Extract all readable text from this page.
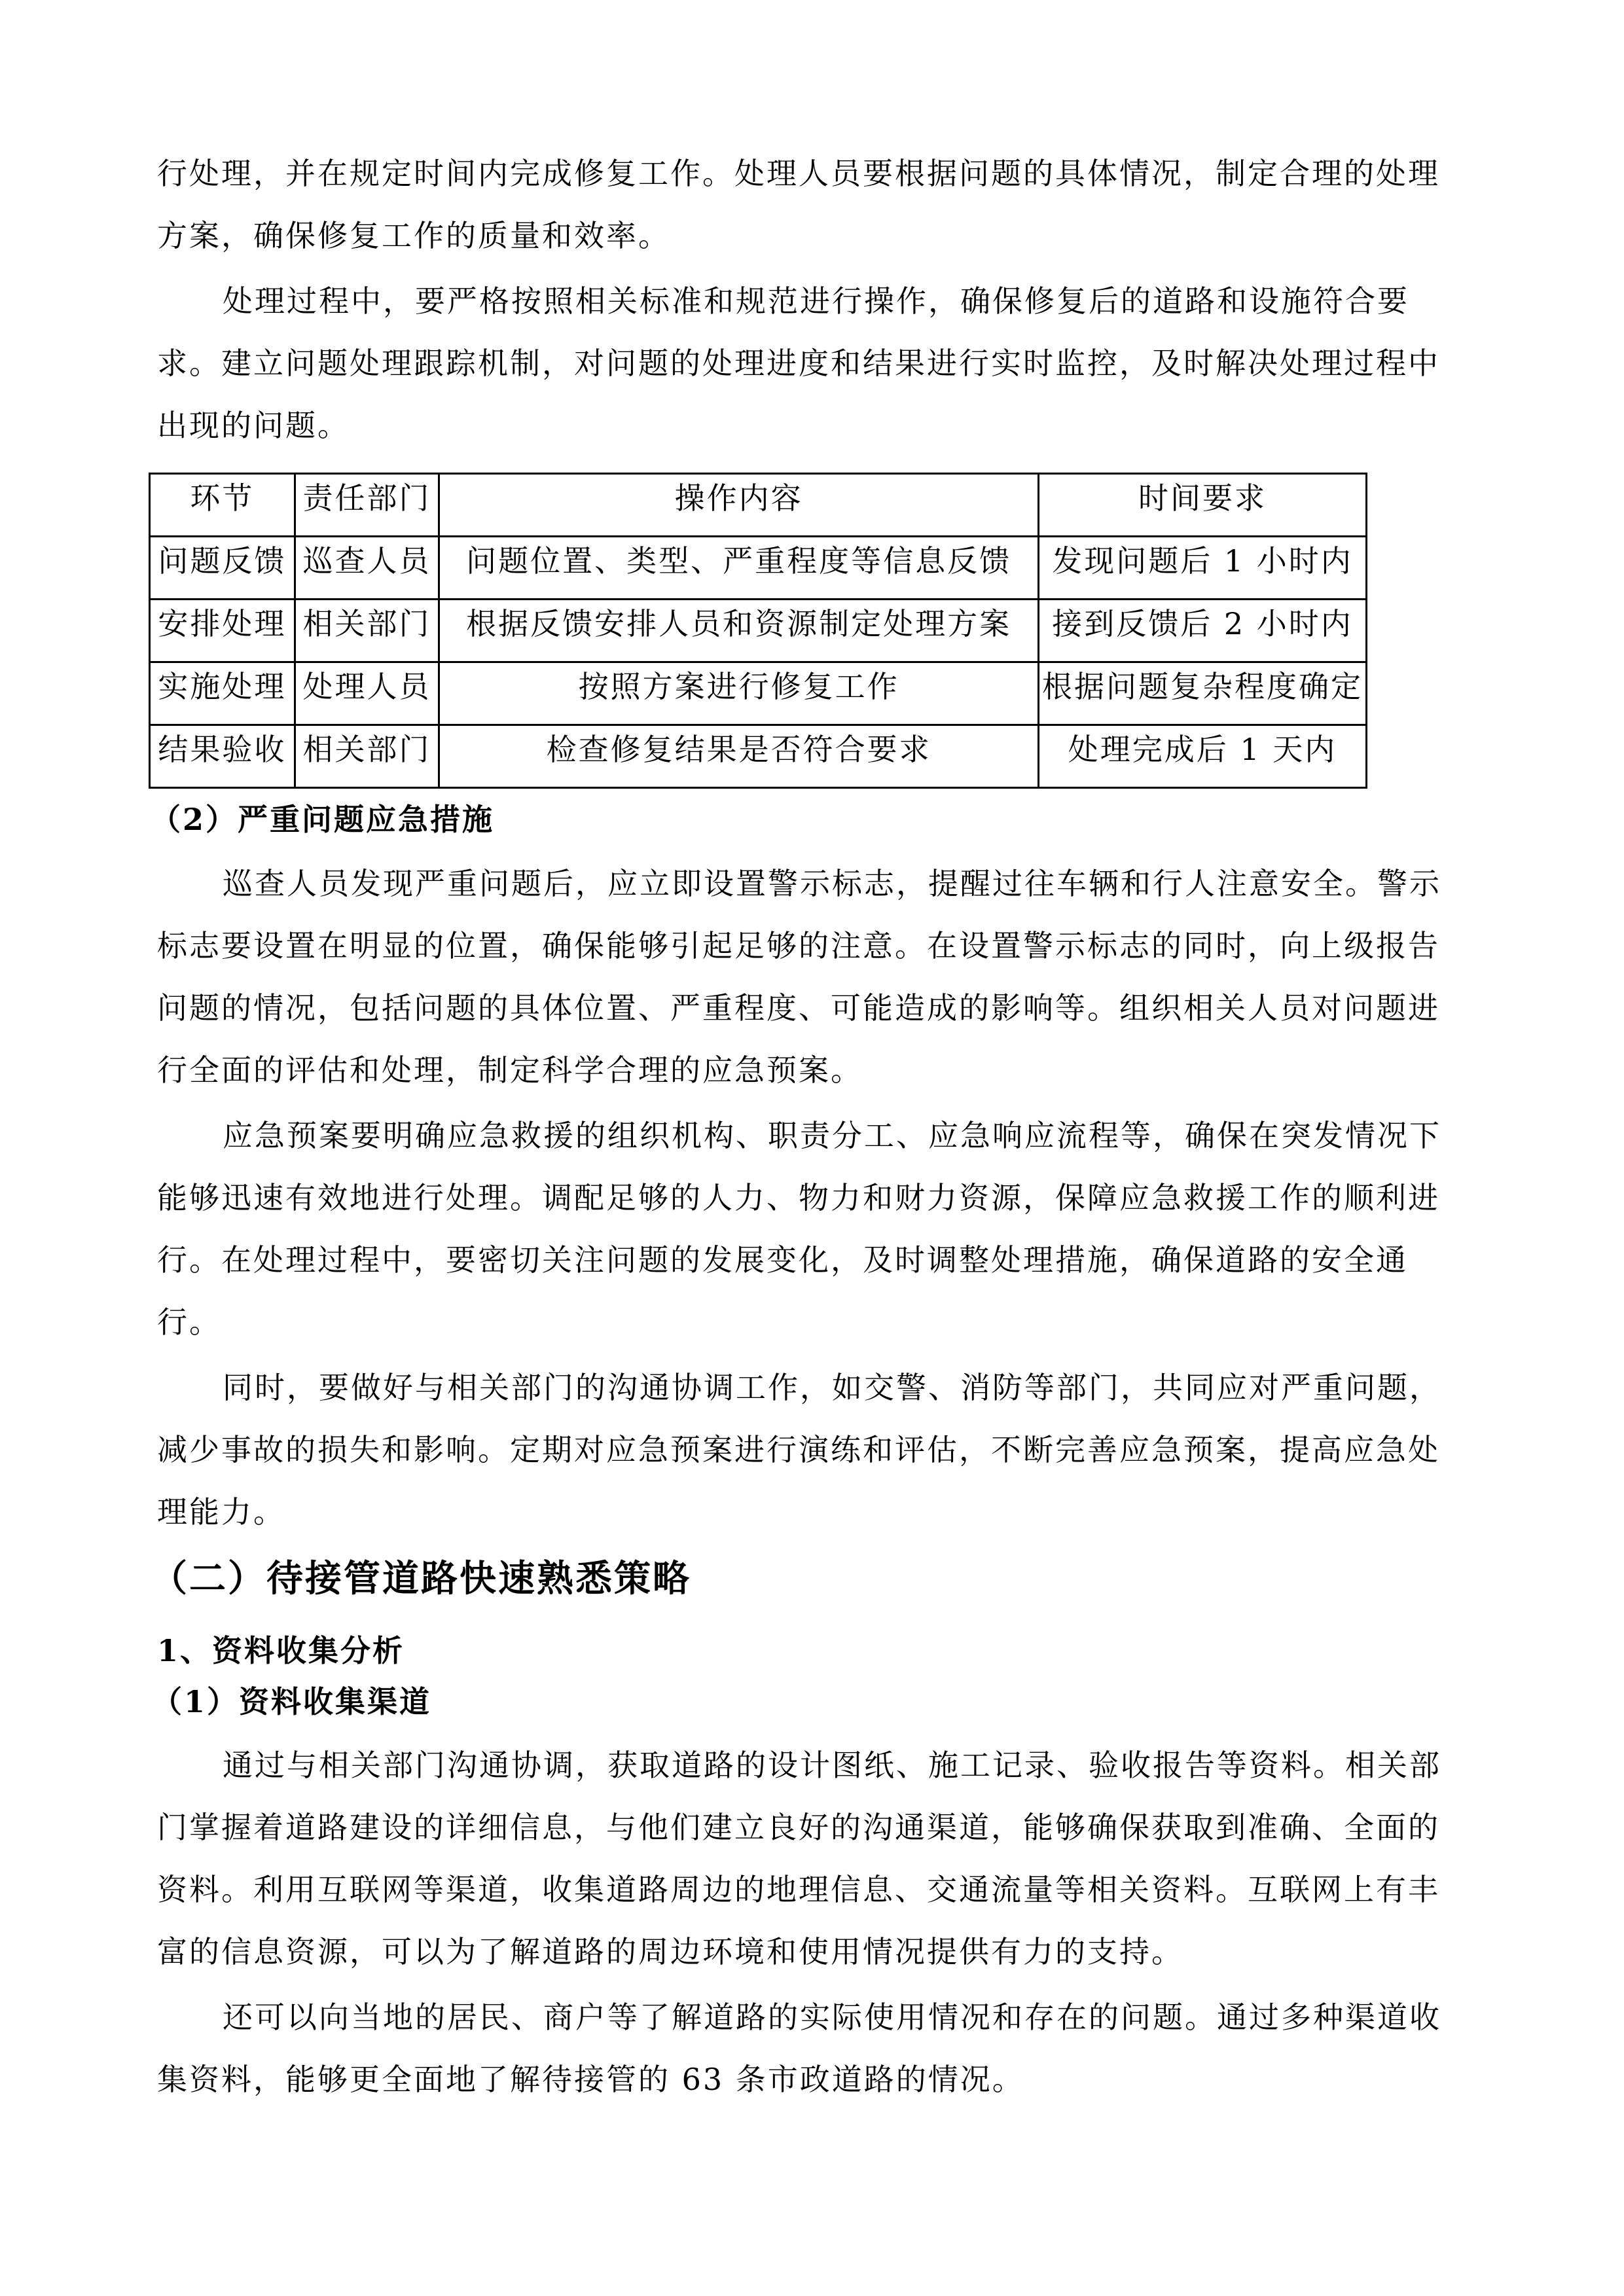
行处理，并在规定时间内完成修复工作。处理人员要根据问题的具体情况，制定合理的处理
方案，确保修复工作的质量和效率。
处理过程中，要严格按照相关标准和规范进行操作，确保修复后的道路和设施符合要
求。建立问题处理跟踪机制，对问题的处理进度和结果进行实时监控，及时解决处理过程中
出现的问题。
环节	责任部门	操作内容	时间要求
问题反馈	巡查人员	问题位置、类型、严重程度等信息反馈	发现问题后 1 小时内
安排处理	相关部门	根据反馈安排人员和资源制定处理方案	接到反馈后 2 小时内
实施处理	处理人员	按照方案进行修复工作	根据问题复杂程度确定
结果验收	相关部门	检查修复结果是否符合要求	处理完成后 1 天内
（2）严重问题应急措施
巡查人员发现严重问题后，应立即设置警示标志，提醒过往车辆和行人注意安全。警示
标志要设置在明显的位置，确保能够引起足够的注意。在设置警示标志的同时，向上级报告
问题的情况，包括问题的具体位置、严重程度、可能造成的影响等。组织相关人员对问题进
行全面的评估和处理，制定科学合理的应急预案。
应急预案要明确应急救援的组织机构、职责分工、应急响应流程等，确保在突发情况下
能够迅速有效地进行处理。调配足够的人力、物力和财力资源，保障应急救援工作的顺利进
行。在处理过程中，要密切关注问题的发展变化，及时调整处理措施，确保道路的安全通
行。
同时，要做好与相关部门的沟通协调工作，如交警、消防等部门，共同应对严重问题，
减少事故的损失和影响。定期对应急预案进行演练和评估，不断完善应急预案，提高应急处
理能力。
（二）待接管道路快速熟悉策略
1、资料收集分析
（1）资料收集渠道
通过与相关部门沟通协调，获取道路的设计图纸、施工记录、验收报告等资料。相关部
门掌握着道路建设的详细信息，与他们建立良好的沟通渠道，能够确保获取到准确、全面的
资料。利用互联网等渠道，收集道路周边的地理信息、交通流量等相关资料。互联网上有丰
富的信息资源，可以为了解道路的周边环境和使用情况提供有力的支持。
还可以向当地的居民、商户等了解道路的实际使用情况和存在的问题。通过多种渠道收
集资料，能够更全面地了解待接管的 63 条市政道路的情况。
